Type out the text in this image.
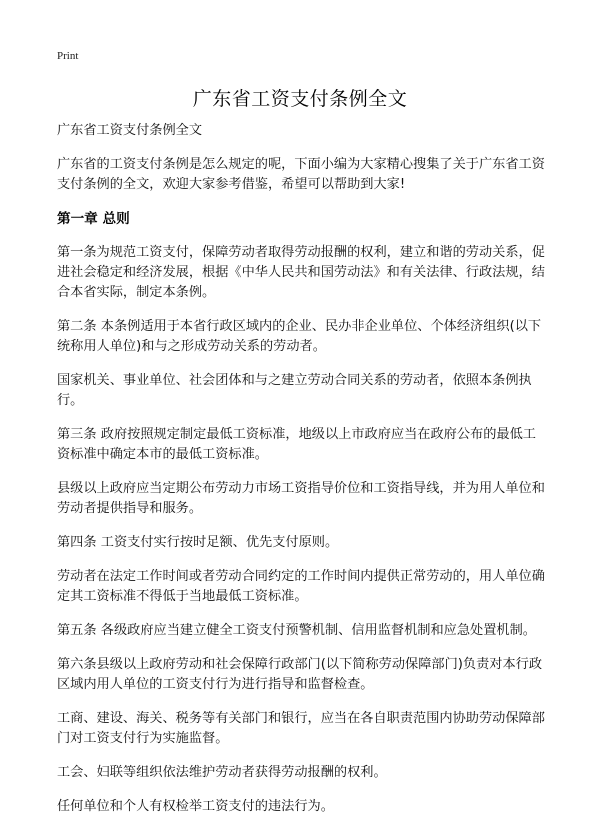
Print
广东省工资支付条例全文

广东省工资支付条例全文

广东省的工资支付条例是怎么规定的呢，下面小编为大家精心搜集了关于广东省工资支付条例的全文，欢迎大家参考借鉴，希望可以帮助到大家!

第一章 总则

第一条为规范工资支付，保障劳动者取得劳动报酬的权利，建立和谐的劳动关系，促进社会稳定和经济发展，根据《中华人民共和国劳动法》和有关法律、行政法规，结合本省实际，制定本条例。

第二条 本条例适用于本省行政区域内的企业、民办非企业单位、个体经济组织(以下统称用人单位)和与之形成劳动关系的劳动者。

国家机关、事业单位、社会团体和与之建立劳动合同关系的劳动者，依照本条例执行。

第三条 政府按照规定制定最低工资标准，地级以上市政府应当在政府公布的最低工资标准中确定本市的最低工资标准。

县级以上政府应当定期公布劳动力市场工资指导价位和工资指导线，并为用人单位和劳动者提供指导和服务。

第四条 工资支付实行按时足额、优先支付原则。

劳动者在法定工作时间或者劳动合同约定的工作时间内提供正常劳动的，用人单位确定其工资标准不得低于当地最低工资标准。

第五条 各级政府应当建立健全工资支付预警机制、信用监督机制和应急处置机制。

第六条县级以上政府劳动和社会保障行政部门(以下简称劳动保障部门)负责对本行政区域内用人单位的工资支付行为进行指导和监督检查。

工商、建设、海关、税务等有关部门和银行，应当在各自职责范围内协助劳动保障部门对工资支付行为实施监督。

工会、妇联等组织依法维护劳动者获得劳动报酬的权利。

任何单位和个人有权检举工资支付的违法行为。
